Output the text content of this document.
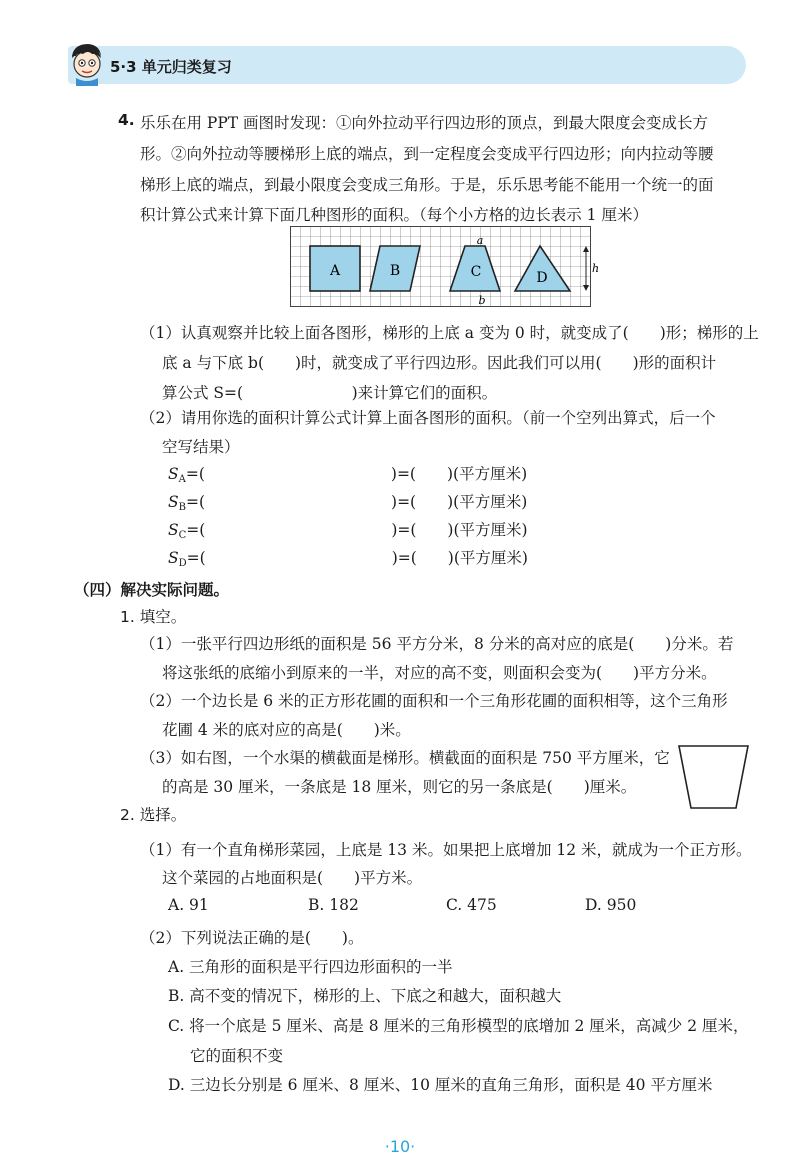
5·3 单元归类复习
4. 乐乐在用 PPT 画图时发现：①向外拉动平行四边形的顶点，到最大限度会变成长方
形。②向外拉动等腰梯形上底的端点，到一定程度会变成平行四边形；向内拉动等腰
梯形上底的端点，到最小限度会变成三角形。于是，乐乐思考能不能用一个统一的面
积计算公式来计算下面几种图形的面积。（每个小方格的边长表示 1 厘米）
A	B	C
a
b
D
h
（1）认真观察并比较上面各图形，梯形的上底 a 变为 0 时，就变成了(　　)形；梯形的上
底 a 与下底 b(　　)时，就变成了平行四边形。因此我们可以用(　　)形的面积计
算公式 S=(　　　　　　　)来计算它们的面积。
（2）请用你选的面积计算公式计算上面各图形的面积。（前一个空列出算式，后一个
空写结果）
$S_A=$(　　　　　　　　　　　　)=(　　)(平方厘米)
$S_B=$(　　　　　　　　　　　　)=(　　)(平方厘米)
$S_C=$(　　　　　　　　　　　　)=(　　)(平方厘米)
$S_D=$(　　　　　　　　　　　　)=(　　)(平方厘米)
（四）解决实际问题。
1. 填空。
（1）一张平行四边形纸的面积是 56 平方分米，8 分米的高对应的底是(　　)分米。若
将这张纸的底缩小到原来的一半，对应的高不变，则面积会变为(　　)平方分米。
（2）一个边长是 6 米的正方形花圃的面积和一个三角形花圃的面积相等，这个三角形
花圃 4 米的底对应的高是(　　)米。
（3）如右图，一个水渠的横截面是梯形。横截面的面积是 750 平方厘米，它
的高是 30 厘米，一条底是 18 厘米，则它的另一条底是(　　)厘米。
2. 选择。
（1）有一个直角梯形菜园，上底是 13 米。如果把上底增加 12 米，就成为一个正方形。
这个菜园的占地面积是(　　)平方米。
A. 91	B. 182	C. 475	D. 950
（2）下列说法正确的是(　　)。
A. 三角形的面积是平行四边形面积的一半
B. 高不变的情况下，梯形的上、下底之和越大，面积越大
C. 将一个底是 5 厘米、高是 8 厘米的三角形模型的底增加 2 厘米，高减少 2 厘米，
它的面积不变
D. 三边长分别是 6 厘米、8 厘米、10 厘米的直角三角形，面积是 40 平方厘米
·10·
